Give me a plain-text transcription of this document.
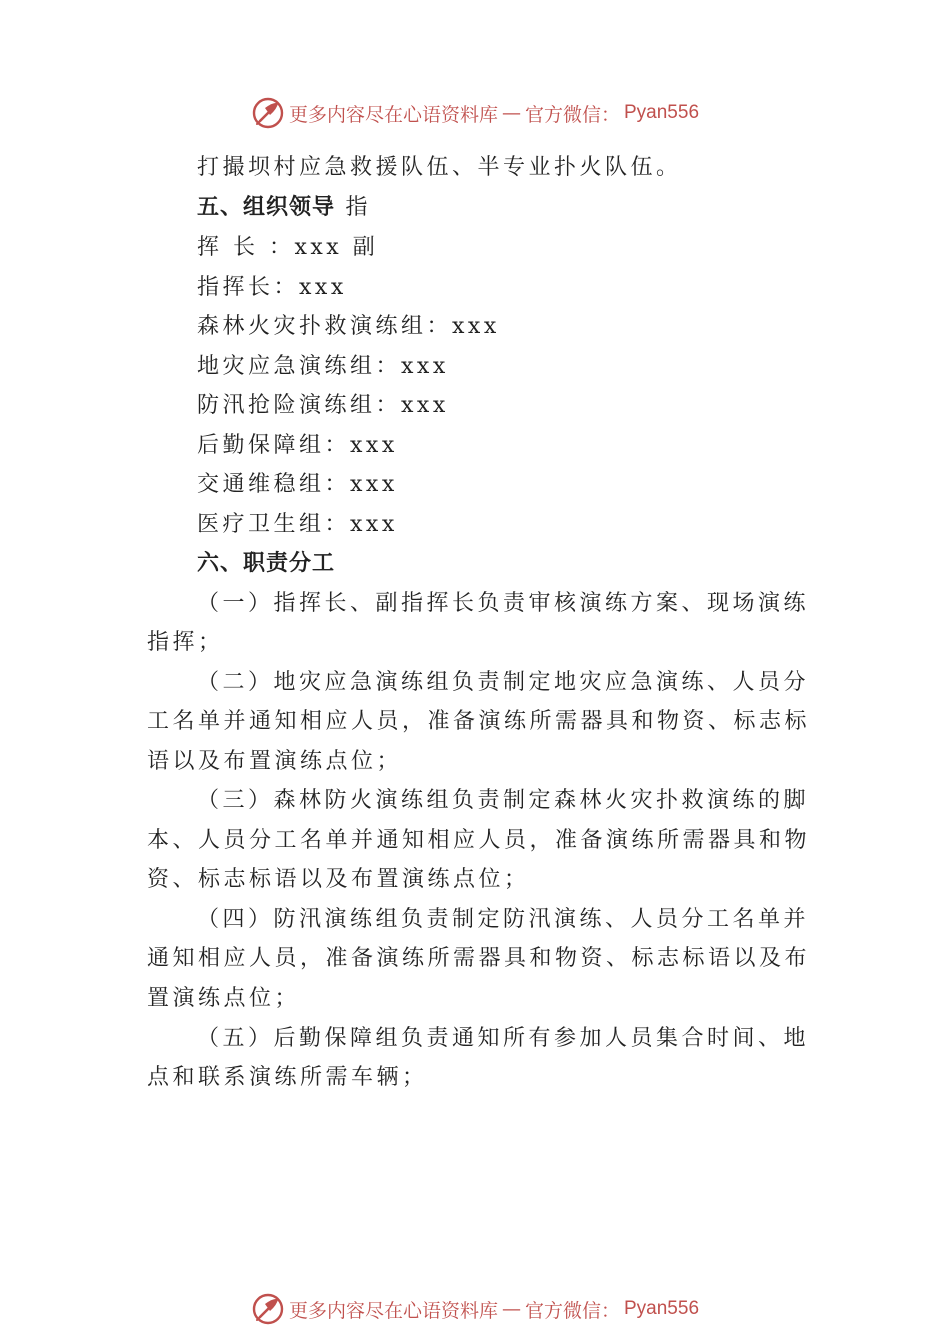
更多内容尽在心语资料库 — 官方微信： Pyan556
打撮坝村应急救援队伍、半专业扑火队伍。
五、组织领导 指
挥 长 ：xxx 副
指挥长：xxx
森林火灾扑救演练组：xxx
地灾应急演练组：xxx
防汛抢险演练组：xxx
后勤保障组：xxx
交通维稳组：xxx
医疗卫生组：xxx
六、职责分工
（一）指挥长、副指挥长负责审核演练方案、现场演练
指挥；
（二）地灾应急演练组负责制定地灾应急演练、人员分
工名单并通知相应人员，准备演练所需器具和物资、标志标
语以及布置演练点位；
（三）森林防火演练组负责制定森林火灾扑救演练的脚
本、人员分工名单并通知相应人员，准备演练所需器具和物
资、标志标语以及布置演练点位；
（四）防汛演练组负责制定防汛演练、人员分工名单并
通知相应人员，准备演练所需器具和物资、标志标语以及布
置演练点位；
（五）后勤保障组负责通知所有参加人员集合时间、地
点和联系演练所需车辆；
更多内容尽在心语资料库 — 官方微信： Pyan556
